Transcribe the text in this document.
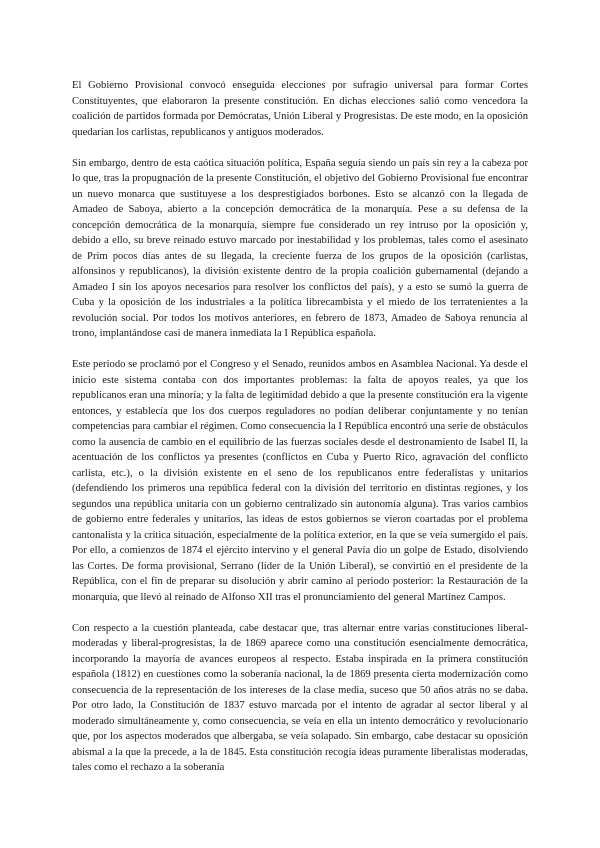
El Gobierno Provisional convocó enseguida elecciones por sufragio universal para formar Cortes Constituyentes, que elaboraron la presente constitución. En dichas elecciones salió como vencedora la coalición de partidos formada por Demócratas, Unión Liberal y Progresistas. De este modo, en la oposición quedarían los carlistas, republicanos y antiguos moderados.

Sin embargo, dentro de esta caótica situación política, España seguía siendo un país sin rey a la cabeza por lo que, tras la propugnación de la presente Constitución, el objetivo del Gobierno Provisional fue encontrar un nuevo monarca que sustituyese a los desprestigiados borbones. Esto se alcanzó con la llegada de Amadeo de Saboya, abierto a la concepción democrática de la monarquía. Pese a su defensa de la concepción democrática de la monarquía, siempre fue considerado un rey intruso por la oposición y, debido a ello, su breve reinado estuvo marcado por inestabilidad y los problemas, tales como el asesinato de Prim pocos días antes de su llegada, la creciente fuerza de los grupos de la oposición (carlistas, alfonsinos y republicanos), la división existente dentro de la propia coalición gubernamental (dejando a Amadeo I sin los apoyos necesarios para resolver los conflictos del país), y a esto se sumó la guerra de Cuba y la oposición de los industriales a la política librecambista y el miedo de los terratenientes a la revolución social. Por todos los motivos anteriores, en febrero de 1873, Amadeo de Saboya renuncia al trono, implantándose casi de manera inmediata la I República española.

Este periodo se proclamó por el Congreso y el Senado, reunidos ambos en Asamblea Nacional. Ya desde el inicio este sistema contaba con dos importantes problemas: la falta de apoyos reales, ya que los republicanos eran una minoría; y la falta de legitimidad debido a que la presente constitución era la vigente entonces, y establecía que los dos cuerpos reguladores no podían deliberar conjuntamente y no tenían competencias para cambiar el régimen. Como consecuencia la I República encontró una serie de obstáculos como la ausencia de cambio en el equilibrio de las fuerzas sociales desde el destronamiento de Isabel II, la acentuación de los conflictos ya presentes (conflictos en Cuba y Puerto Rico, agravación del conflicto carlista, etc.), o la división existente en el seno de los republicanos entre federalistas y unitarios (defendiendo los primeros una república federal con la división del territorio en distintas regiones, y los segundos una república unitaria con un gobierno centralizado sin autonomía alguna). Tras varios cambios de gobierno entre federales y unitarios, las ideas de estos gobiernos se vieron coartadas por el problema cantonalista y la crítica situación, especialmente de la política exterior, en la que se veía sumergido el país. Por ello, a comienzos de 1874 el ejército intervino y el general Pavía dio un golpe de Estado, disolviendo las Cortes. De forma provisional, Serrano (líder de la Unión Liberal), se convirtió en el presidente de la República, con el fin de preparar su disolución y abrir camino al periodo posterior: la Restauración de la monarquía, que llevó al reinado de Alfonso XII tras el pronunciamiento del general Martínez Campos.

Con respecto a la cuestión planteada, cabe destacar que, tras alternar entre varias constituciones liberal-moderadas y liberal-progresistas, la de 1869 aparece como una constitución esencialmente democrática, incorporando la mayoría de avances europeos al respecto. Estaba inspirada en la primera constitución española (1812) en cuestiones como la soberanía nacional, la de 1869 presenta cierta modernización como consecuencia de la representación de los intereses de la clase media, suceso que 50 años atrás no se daba. Por otro lado, la Constitución de 1837 estuvo marcada por el intento de agradar al sector liberal y al moderado simultáneamente y, como consecuencia, se veía en ella un intento democrático y revolucionario que, por los aspectos moderados que albergaba, se veía solapado. Sin embargo, cabe destacar su oposición abismal a la que la precede, a la de 1845. Esta constitución recogía ideas puramente liberalistas moderadas, tales como el rechazo a la soberanía
